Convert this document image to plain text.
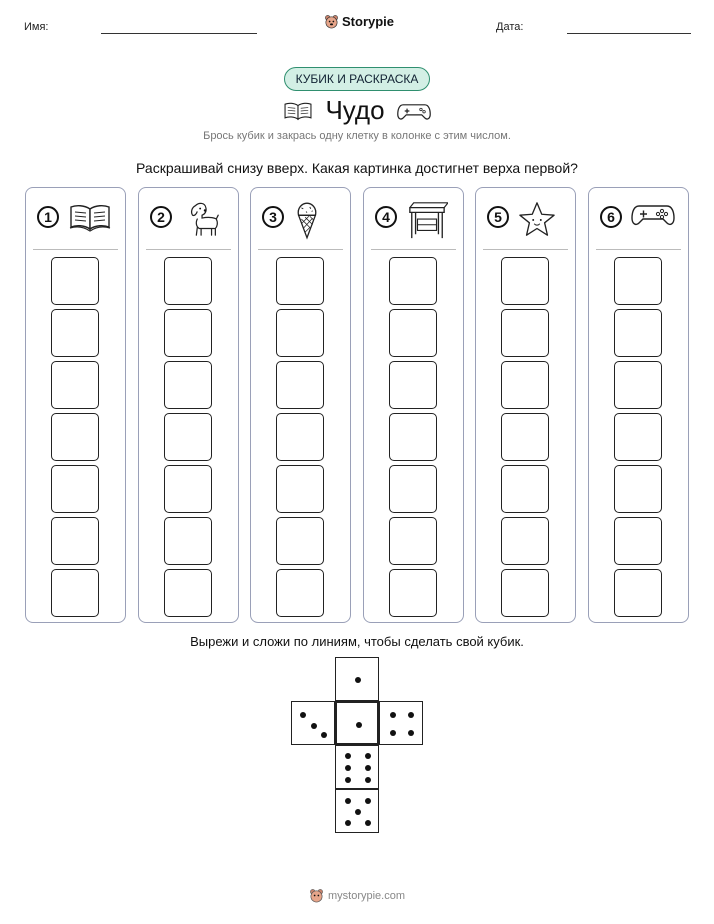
Имя:	Storypie	Дата:
КУБИК И РАСКРАСКА
Чудо
Брось кубик и закрась одну клетку в колонке с этим числом.
Раскрашивай снизу вверх. Какая картинка достигнет верха первой?
1	2	3	4	5	6
Вырежи и сложи по линиям, чтобы сделать свой кубик.
mystorypie.com
